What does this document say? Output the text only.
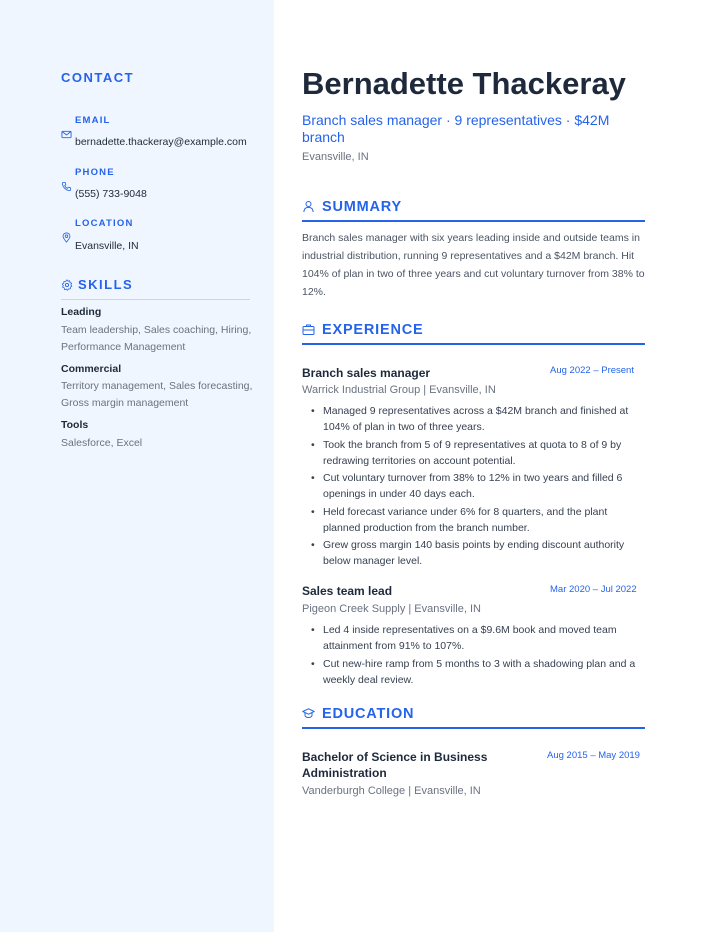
CONTACT
EMAIL
bernadette.thackeray@example.com
PHONE
(555) 733-9048
LOCATION
Evansville, IN
SKILLS
Leading
Team leadership, Sales coaching, Hiring, Performance Management
Commercial
Territory management, Sales forecasting, Gross margin management
Tools
Salesforce, Excel
Bernadette Thackeray
Branch sales manager · 9 representatives · $42M branch
Evansville, IN
SUMMARY
Branch sales manager with six years leading inside and outside teams in industrial distribution, running 9 representatives and a $42M branch. Hit 104% of plan in two of three years and cut voluntary turnover from 38% to 12%.
EXPERIENCE
Branch sales manager	Aug 2022 – Present
Warrick Industrial Group | Evansville, IN
• Managed 9 representatives across a $42M branch and finished at 104% of plan in two of three years.
• Took the branch from 5 of 9 representatives at quota to 8 of 9 by redrawing territories on account potential.
• Cut voluntary turnover from 38% to 12% in two years and filled 6 openings in under 40 days each.
• Held forecast variance under 6% for 8 quarters, and the plant planned production from the branch number.
• Grew gross margin 140 basis points by ending discount authority below manager level.
Sales team lead	Mar 2020 – Jul 2022
Pigeon Creek Supply | Evansville, IN
• Led 4 inside representatives on a $9.6M book and moved team attainment from 91% to 107%.
• Cut new-hire ramp from 5 months to 3 with a shadowing plan and a weekly deal review.
EDUCATION
Bachelor of Science in Business Administration
Aug 2015 – May 2019
Vanderburgh College | Evansville, IN
